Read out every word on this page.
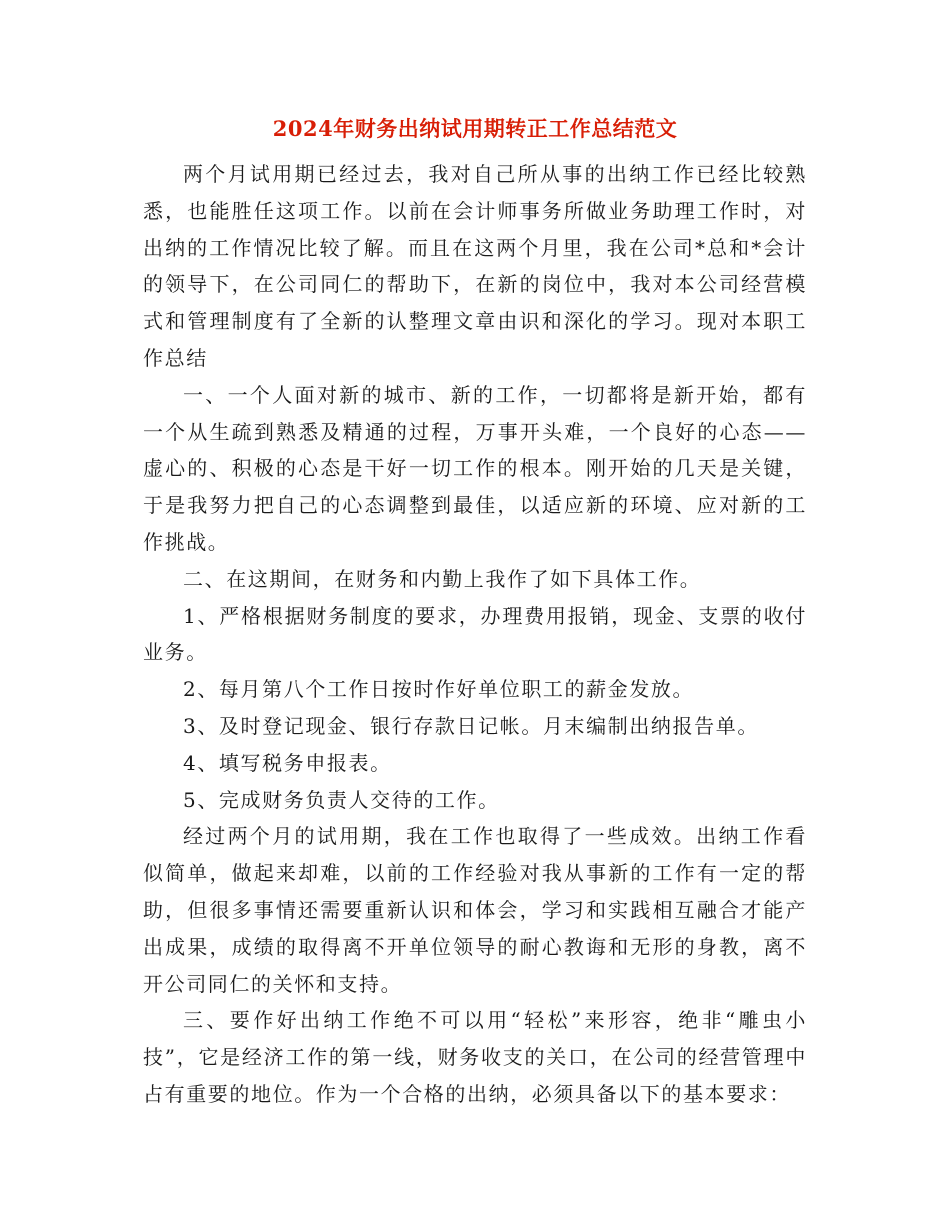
2024年财务出纳试用期转正工作总结范文

两个月试用期已经过去，我对自己所从事的出纳工作已经比较熟悉，也能胜任这项工作。以前在会计师事务所做业务助理工作时，对出纳的工作情况比较了解。而且在这两个月里，我在公司*总和*会计的领导下，在公司同仁的帮助下，在新的岗位中，我对本公司经营模式和管理制度有了全新的认整理文章由识和深化的学习。现对本职工作总结

一、一个人面对新的城市、新的工作，一切都将是新开始，都有一个从生疏到熟悉及精通的过程，万事开头难，一个良好的心态——虚心的、积极的心态是干好一切工作的根本。刚开始的几天是关键，于是我努力把自己的心态调整到最佳，以适应新的环境、应对新的工作挑战。

二、在这期间，在财务和内勤上我作了如下具体工作。

1、严格根据财务制度的要求，办理费用报销，现金、支票的收付业务。

2、每月第八个工作日按时作好单位职工的薪金发放。

3、及时登记现金、银行存款日记帐。月末编制出纳报告单。

4、填写税务申报表。

5、完成财务负责人交待的工作。

经过两个月的试用期，我在工作也取得了一些成效。出纳工作看似简单，做起来却难，以前的工作经验对我从事新的工作有一定的帮助，但很多事情还需要重新认识和体会，学习和实践相互融合才能产出成果，成绩的取得离不开单位领导的耐心教诲和无形的身教，离不开公司同仁的关怀和支持。

三、要作好出纳工作绝不可以用“轻松”来形容，绝非“雕虫小技”，它是经济工作的第一线，财务收支的关口，在公司的经营管理中占有重要的地位。作为一个合格的出纳，必须具备以下的基本要求：
